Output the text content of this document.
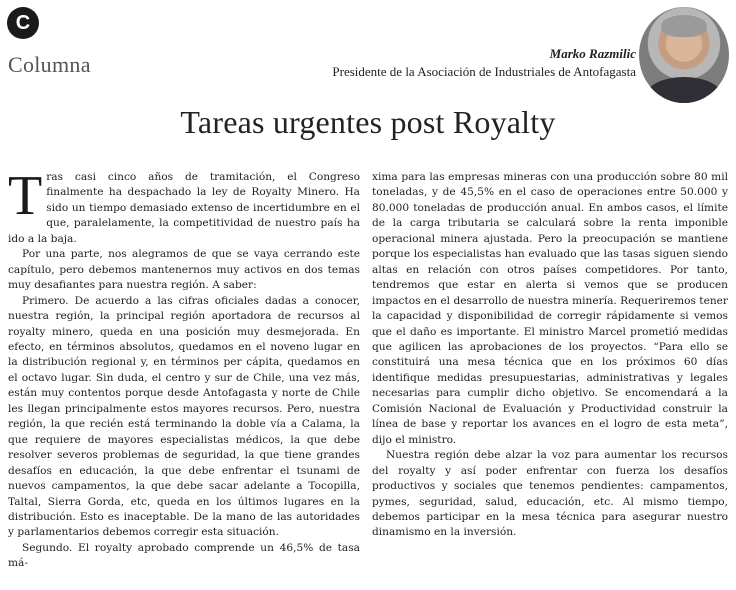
C
Columna	Marko Razmilic
Presidente de la Asociación de Industriales de Antofagasta
Tareas urgentes post Royalty

T ras casi cinco años de tramitación, el Congreso finalmente ha despachado la ley de Royalty Minero. Ha sido un tiempo demasiado extenso de incertidumbre en el que, paralelamente, la competitividad de nuestro país ha ido a la baja.

Por una parte, nos alegramos de que se vaya cerrando este capítulo, pero debemos mantenernos muy activos en dos temas muy desafiantes para nuestra región. A saber:

Primero. De acuerdo a las cifras oficiales dadas a conocer, nuestra región, la principal región aportadora de recursos al royalty minero, queda en una posición muy desmejorada. En efecto, en términos absolutos, quedamos en el noveno lugar en la distribución regional y, en términos per cápita, quedamos en el octavo lugar. Sin duda, el centro y sur de Chile, una vez más, están muy contentos porque desde Antofagasta y norte de Chile les llegan principalmente estos mayores recursos. Pero, nuestra región, la que recién está terminando la doble vía a Calama, la que requiere de mayores especialistas médicos, la que debe resolver severos problemas de seguridad, la que tiene grandes desafíos en educación, la que debe enfrentar el tsunami de nuevos campamentos, la que debe sacar adelante a Tocopilla, Taltal, Sierra Gorda, etc, queda en los últimos lugares en la distribución. Esto es inaceptable. De la mano de las autoridades y parlamentarios debemos corregir esta situación.

Segundo. El royalty aprobado comprende un 46,5% de tasa má-

xima para las empresas mineras con una producción sobre 80 mil toneladas, y de 45,5% en el caso de operaciones entre 50.000 y 80.000 toneladas de producción anual. En ambos casos, el límite de la carga tributaria se calculará sobre la renta imponible operacional minera ajustada. Pero la preocupación se mantiene porque los especialistas han evaluado que las tasas siguen siendo altas en relación con otros países competidores. Por tanto, tendremos que estar en alerta si vemos que se producen impactos en el desarrollo de nuestra minería. Requeriremos tener la capacidad y disponibilidad de corregir rápidamente si vemos que el daño es importante. El ministro Marcel prometió medidas que agilicen las aprobaciones de los proyectos. “Para ello se constituirá una mesa técnica que en los próximos 60 días identifique medidas presupuestarias, administrativas y legales necesarias para cumplir dicho objetivo. Se encomendará a la Comisión Nacional de Evaluación y Productividad construir la línea de base y reportar los avances en el logro de esta meta”, dijo el ministro.

Nuestra región debe alzar la voz para aumentar los recursos del royalty y así poder enfrentar con fuerza los desafíos productivos y sociales que tenemos pendientes: campamentos, pymes, seguridad, salud, educación, etc. Al mismo tiempo, debemos participar en la mesa técnica para asegurar nuestro dinamismo en la inversión.
